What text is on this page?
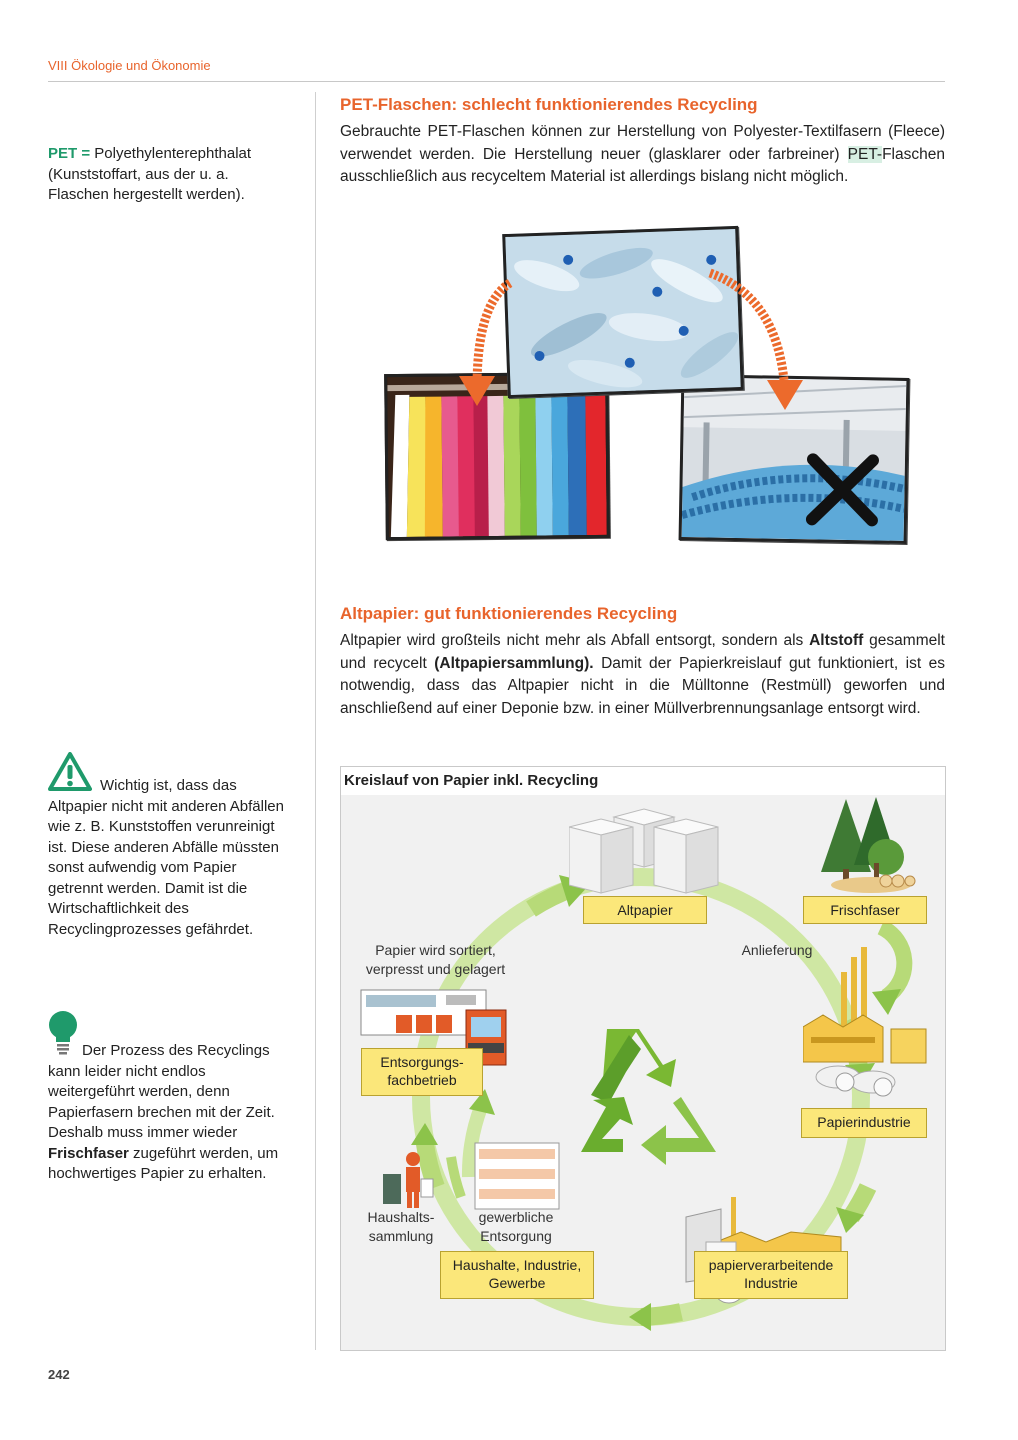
VIII Ökologie und Ökonomie
PET = Polyethylenterephthalat (Kunststoffart, aus der u. a. Flaschen hergestellt werden).
Wichtig ist, dass das Altpapier nicht mit anderen Abfällen wie z. B. Kunststoffen verunreinigt ist. Diese anderen Abfälle müssten sonst aufwendig vom Papier getrennt werden. Damit ist die Wirtschaftlichkeit des Recyclingprozesses gefährdet.
Der Prozess des Recyclings kann leider nicht endlos weitergeführt werden, denn Papierfasern brechen mit der Zeit. Deshalb muss immer wieder Frischfaser zugeführt werden, um hochwertiges Papier zu erhalten.
PET-Flaschen: schlecht funktionierendes Recycling
Gebrauchte PET-Flaschen können zur Herstellung von Polyester-Textilfasern (Fleece) verwendet werden. Die Herstellung neuer (glasklarer oder farbreiner) PET-Flaschen ausschließlich aus recyceltem Material ist allerdings bislang nicht möglich.
Altpapier: gut funktionierendes Recycling
Altpapier wird großteils nicht mehr als Abfall entsorgt, sondern als Altstoff gesammelt und recycelt (Altpapiersammlung). Damit der Papierkreislauf gut funktioniert, ist es notwendig, dass das Altpapier nicht in die Mülltonne (Restmüll) geworfen und anschließend auf einer Deponie bzw. in einer Müllverbrennungsanlage entsorgt wird.
Kreislauf von Papier inkl. Recycling
Anlieferung
Papier wird sortiert, verpresst und gelagert
Haushalts-sammlung
gewerbliche Entsorgung
Altpapier	Frischfaser
Papierindustrie
papierverarbeitende Industrie
Haushalte, Industrie, Gewerbe
Entsorgungs-fachbetrieb
242
